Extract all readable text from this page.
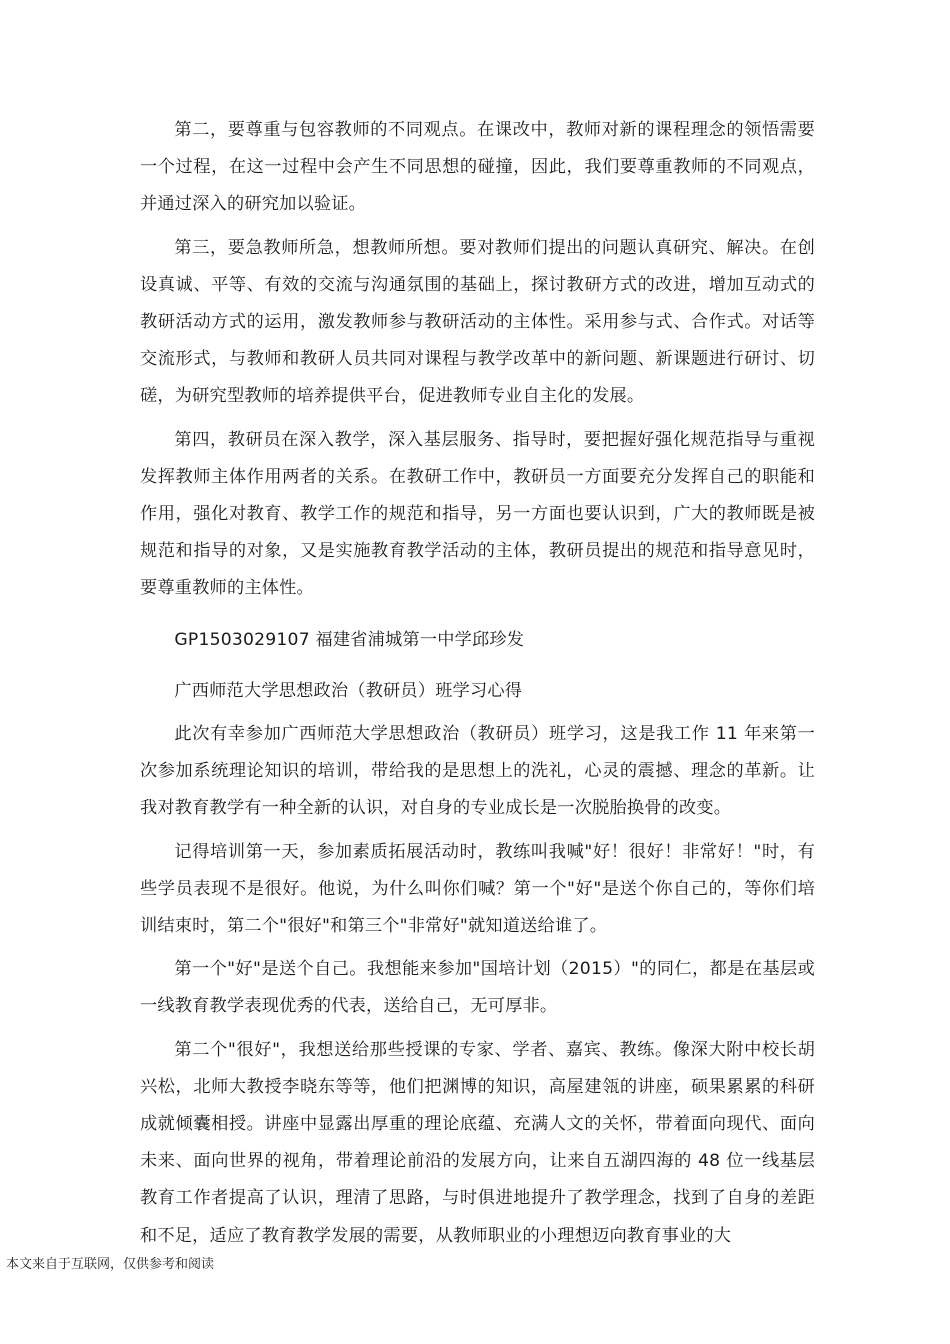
第二，要尊重与包容教师的不同观点。在课改中，教师对新的课程理念的领悟需要一个过程，在这一过程中会产生不同思想的碰撞，因此，我们要尊重教师的不同观点，并通过深入的研究加以验证。

第三，要急教师所急，想教师所想。要对教师们提出的问题认真研究、解决。在创设真诚、平等、有效的交流与沟通氛围的基础上，探讨教研方式的改进，增加互动式的教研活动方式的运用，激发教师参与教研活动的主体性。采用参与式、合作式。对话等交流形式，与教师和教研人员共同对课程与教学改革中的新问题、新课题进行研讨、切磋，为研究型教师的培养提供平台，促进教师专业自主化的发展。

第四，教研员在深入教学，深入基层服务、指导时，要把握好强化规范指导与重视发挥教师主体作用两者的关系。在教研工作中，教研员一方面要充分发挥自己的职能和作用，强化对教育、教学工作的规范和指导，另一方面也要认识到，广大的教师既是被规范和指导的对象，又是实施教育教学活动的主体，教研员提出的规范和指导意见时，要尊重教师的主体性。

GP1503029107 福建省浦城第一中学邱珍发

广西师范大学思想政治（教研员）班学习心得

此次有幸参加广西师范大学思想政治（教研员）班学习，这是我工作 11 年来第一次参加系统理论知识的培训，带给我的是思想上的洗礼，心灵的震撼、理念的革新。让我对教育教学有一种全新的认识，对自身的专业成长是一次脱胎换骨的改变。

记得培训第一天，参加素质拓展活动时，教练叫我喊"好！很好！非常好！"时，有些学员表现不是很好。他说，为什么叫你们喊？第一个"好"是送个你自己的，等你们培训结束时，第二个"很好"和第三个"非常好"就知道送给谁了。

第一个"好"是送个自己。我想能来参加"国培计划（2015）"的同仁，都是在基层或一线教育教学表现优秀的代表，送给自己，无可厚非。

第二个"很好"，我想送给那些授课的专家、学者、嘉宾、教练。像深大附中校长胡兴松，北师大教授李晓东等等，他们把渊博的知识，高屋建瓴的讲座，硕果累累的科研成就倾囊相授。讲座中显露出厚重的理论底蕴、充满人文的关怀，带着面向现代、面向未来、面向世界的视角，带着理论前沿的发展方向，让来自五湖四海的 48 位一线基层教育工作者提高了认识，理清了思路，与时俱进地提升了教学理念，找到了自身的差距和不足，适应了教育教学发展的需要，从教师职业的小理想迈向教育事业的大

本文来自于互联网，仅供参考和阅读
